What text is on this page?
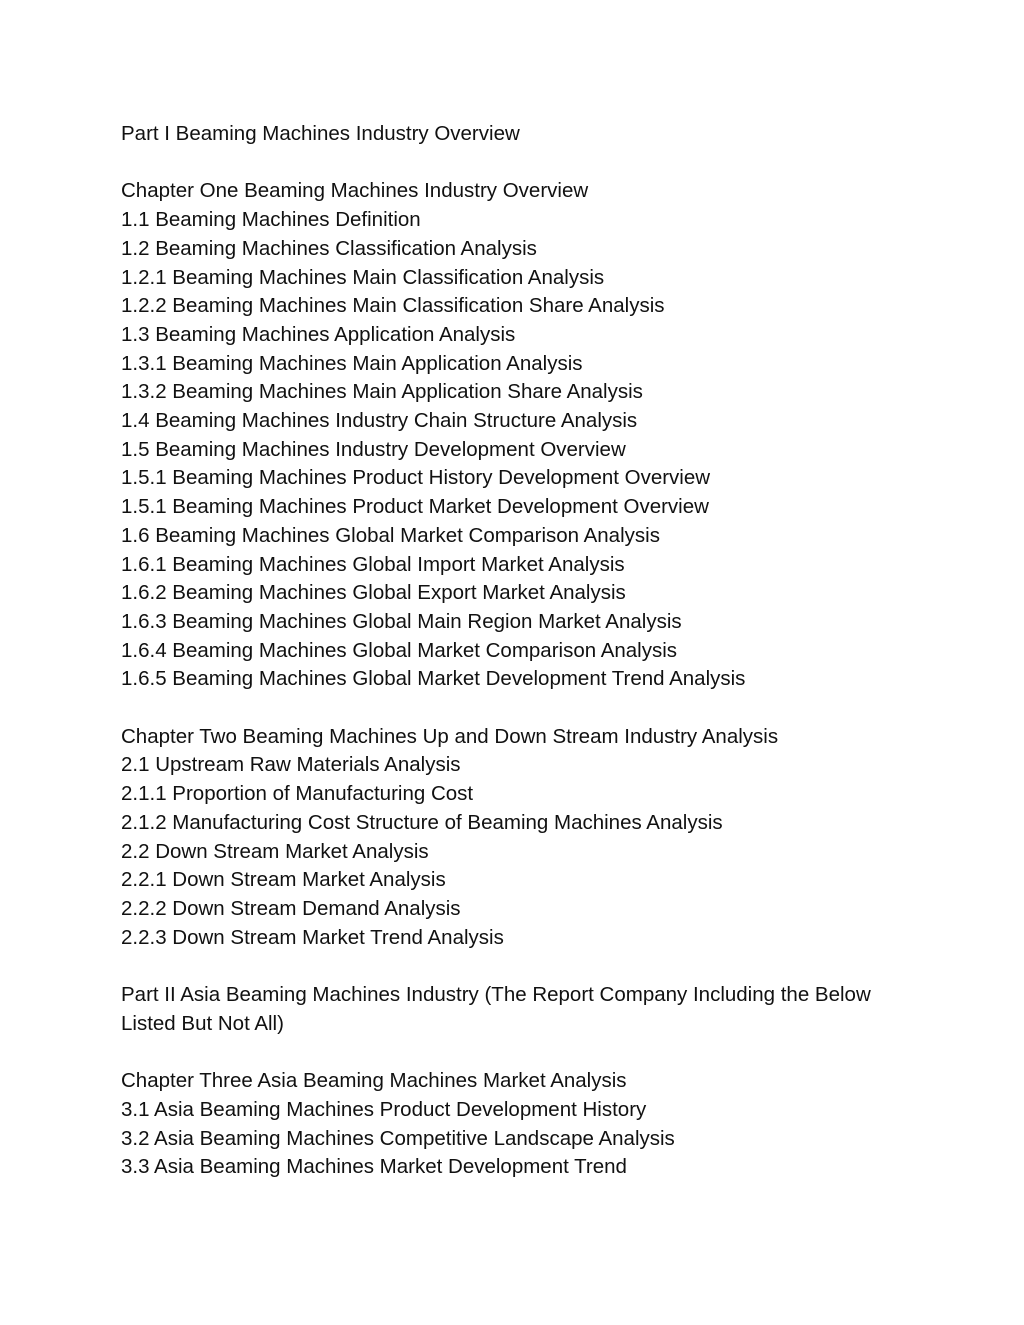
Part I Beaming Machines Industry Overview
Chapter One Beaming Machines Industry Overview
1.1 Beaming Machines Definition
1.2 Beaming Machines Classification Analysis
1.2.1 Beaming Machines Main Classification Analysis
1.2.2 Beaming Machines Main Classification Share Analysis
1.3 Beaming Machines Application Analysis
1.3.1 Beaming Machines Main Application Analysis
1.3.2 Beaming Machines Main Application Share Analysis
1.4 Beaming Machines Industry Chain Structure Analysis
1.5 Beaming Machines Industry Development Overview
1.5.1 Beaming Machines Product History Development Overview
1.5.1 Beaming Machines Product Market Development Overview
1.6 Beaming Machines Global Market Comparison Analysis
1.6.1 Beaming Machines Global Import Market Analysis
1.6.2 Beaming Machines Global Export Market Analysis
1.6.3 Beaming Machines Global Main Region Market Analysis
1.6.4 Beaming Machines Global Market Comparison Analysis
1.6.5 Beaming Machines Global Market Development Trend Analysis
Chapter Two Beaming Machines Up and Down Stream Industry Analysis
2.1 Upstream Raw Materials Analysis
2.1.1 Proportion of Manufacturing Cost
2.1.2 Manufacturing Cost Structure of Beaming Machines Analysis
2.2 Down Stream Market Analysis
2.2.1 Down Stream Market Analysis
2.2.2 Down Stream Demand Analysis
2.2.3 Down Stream Market Trend Analysis
Part II Asia Beaming Machines Industry (The Report Company Including the Below Listed But Not All)
Chapter Three Asia Beaming Machines Market Analysis
3.1 Asia Beaming Machines Product Development History
3.2 Asia Beaming Machines Competitive Landscape Analysis
3.3 Asia Beaming Machines Market Development Trend
